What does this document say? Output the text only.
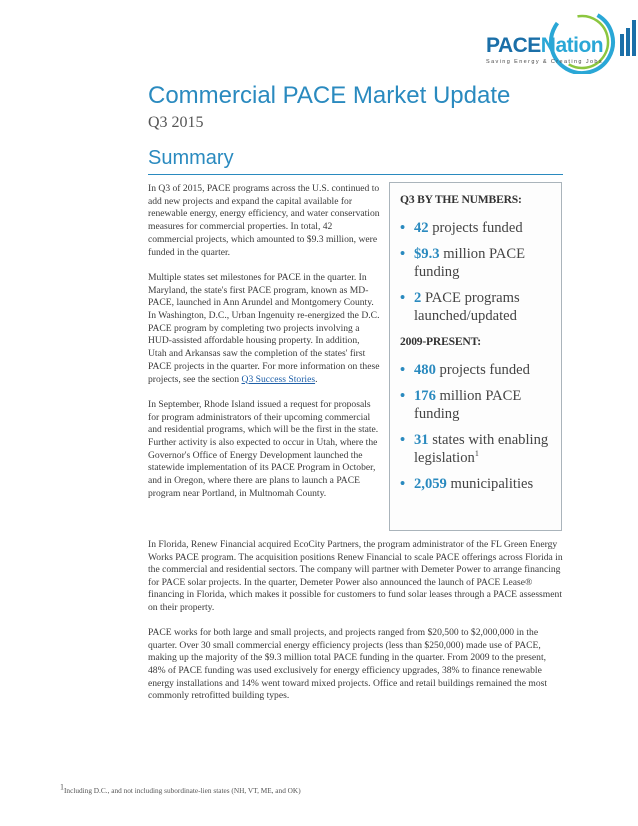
PACENation
Saving Energy & Creating Jobs
Commercial PACE Market Update
Q3 2015
Summary

In Q3 of 2015, PACE programs across the U.S. continued to add new projects and expand the capital available for renewable energy, energy efficiency, and water conservation measures for commercial properties. In total, 42 commercial projects, which amounted to $9.3 million, were funded in the quarter.

Multiple states set milestones for PACE in the quarter. In Maryland, the state's first PACE program, known as MD-PACE, launched in Ann Arundel and Montgomery County. In Washington, D.C., Urban Ingenuity re-energized the D.C. PACE program by completing two projects involving a HUD-assisted affordable housing property. In addition, Utah and Arkansas saw the completion of the states' first PACE projects in the quarter. For more information on these projects, see the section Q3 Success Stories.

In September, Rhode Island issued a request for proposals for program administrators of their upcoming commercial and residential programs, which will be the first in the state. Further activity is also expected to occur in Utah, where the Governor's Office of Energy Development launched the statewide implementation of its PACE Program in October, and in Oregon, where there are plans to launch a PACE program near Portland, in Multnomah County.

Q3 BY THE NUMBERS:
• 42 projects funded
• $9.3 million PACE funding
• 2 PACE programs launched/updated
2009-PRESENT:
• 480 projects funded
• 176 million PACE funding
• 31 states with enabling legislation$^1$
• 2,059 municipalities

In Florida, Renew Financial acquired EcoCity Partners, the program administrator of the FL Green Energy Works PACE program. The acquisition positions Renew Financial to scale PACE offerings across Florida in the commercial and residential sectors. The company will partner with Demeter Power to arrange financing for PACE solar projects. In the quarter, Demeter Power also announced the launch of PACE Lease® financing in Florida, which makes it possible for customers to fund solar leases through a PACE assessment on their property.

PACE works for both large and small projects, and projects ranged from $20,500 to $2,000,000 in the quarter. Over 30 small commercial energy efficiency projects (less than $250,000) made use of PACE, making up the majority of the $9.3 million total PACE funding in the quarter. From 2009 to the present, 48% of PACE funding was used exclusively for energy efficiency upgrades, 38% to finance renewable energy installations and 14% went toward mixed projects. Office and retail buildings remained the most commonly retrofitted building types.

1Including D.C., and not including subordinate-lien states (NH, VT, ME, and OK)
